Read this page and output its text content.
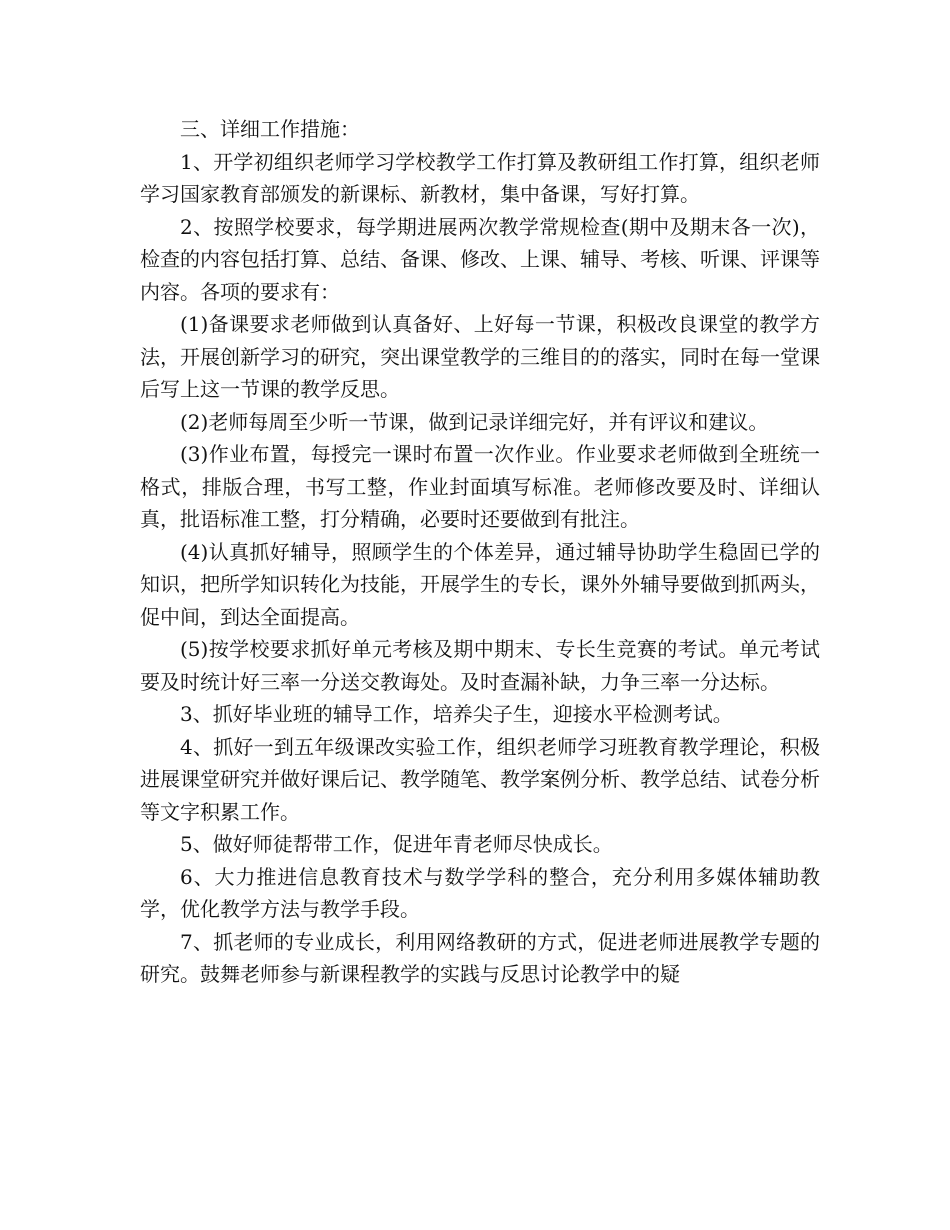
三、详细工作措施：

1、开学初组织老师学习学校教学工作打算及教研组工作打算，组织老师学习国家教育部颁发的新课标、新教材，集中备课，写好打算。

2、按照学校要求，每学期进展两次教学常规检查(期中及期末各一次)，检查的内容包括打算、总结、备课、修改、上课、辅导、考核、听课、评课等内容。各项的要求有：

(1)备课要求老师做到认真备好、上好每一节课，积极改良课堂的教学方法，开展创新学习的研究，突出课堂教学的三维目的的落实，同时在每一堂课后写上这一节课的教学反思。

(2)老师每周至少听一节课，做到记录详细完好，并有评议和建议。

(3)作业布置，每授完一课时布置一次作业。作业要求老师做到全班统一格式，排版合理，书写工整，作业封面填写标准。老师修改要及时、详细认真，批语标准工整，打分精确，必要时还要做到有批注。

(4)认真抓好辅导，照顾学生的个体差异，通过辅导协助学生稳固已学的知识，把所学知识转化为技能，开展学生的专长，课外外辅导要做到抓两头，促中间，到达全面提高。

(5)按学校要求抓好单元考核及期中期末、专长生竞赛的考试。单元考试要及时统计好三率一分送交教诲处。及时查漏补缺，力争三率一分达标。

3、抓好毕业班的辅导工作，培养尖子生，迎接水平检测考试。

4、抓好一到五年级课改实验工作，组织老师学习班教育教学理论，积极进展课堂研究并做好课后记、教学随笔、教学案例分析、教学总结、试卷分析等文字积累工作。

5、做好师徒帮带工作，促进年青老师尽快成长。

6、大力推进信息教育技术与数学学科的整合，充分利用多媒体辅助教学，优化教学方法与教学手段。

7、抓老师的专业成长，利用网络教研的方式，促进老师进展教学专题的研究。鼓舞老师参与新课程教学的实践与反思讨论教学中的疑
